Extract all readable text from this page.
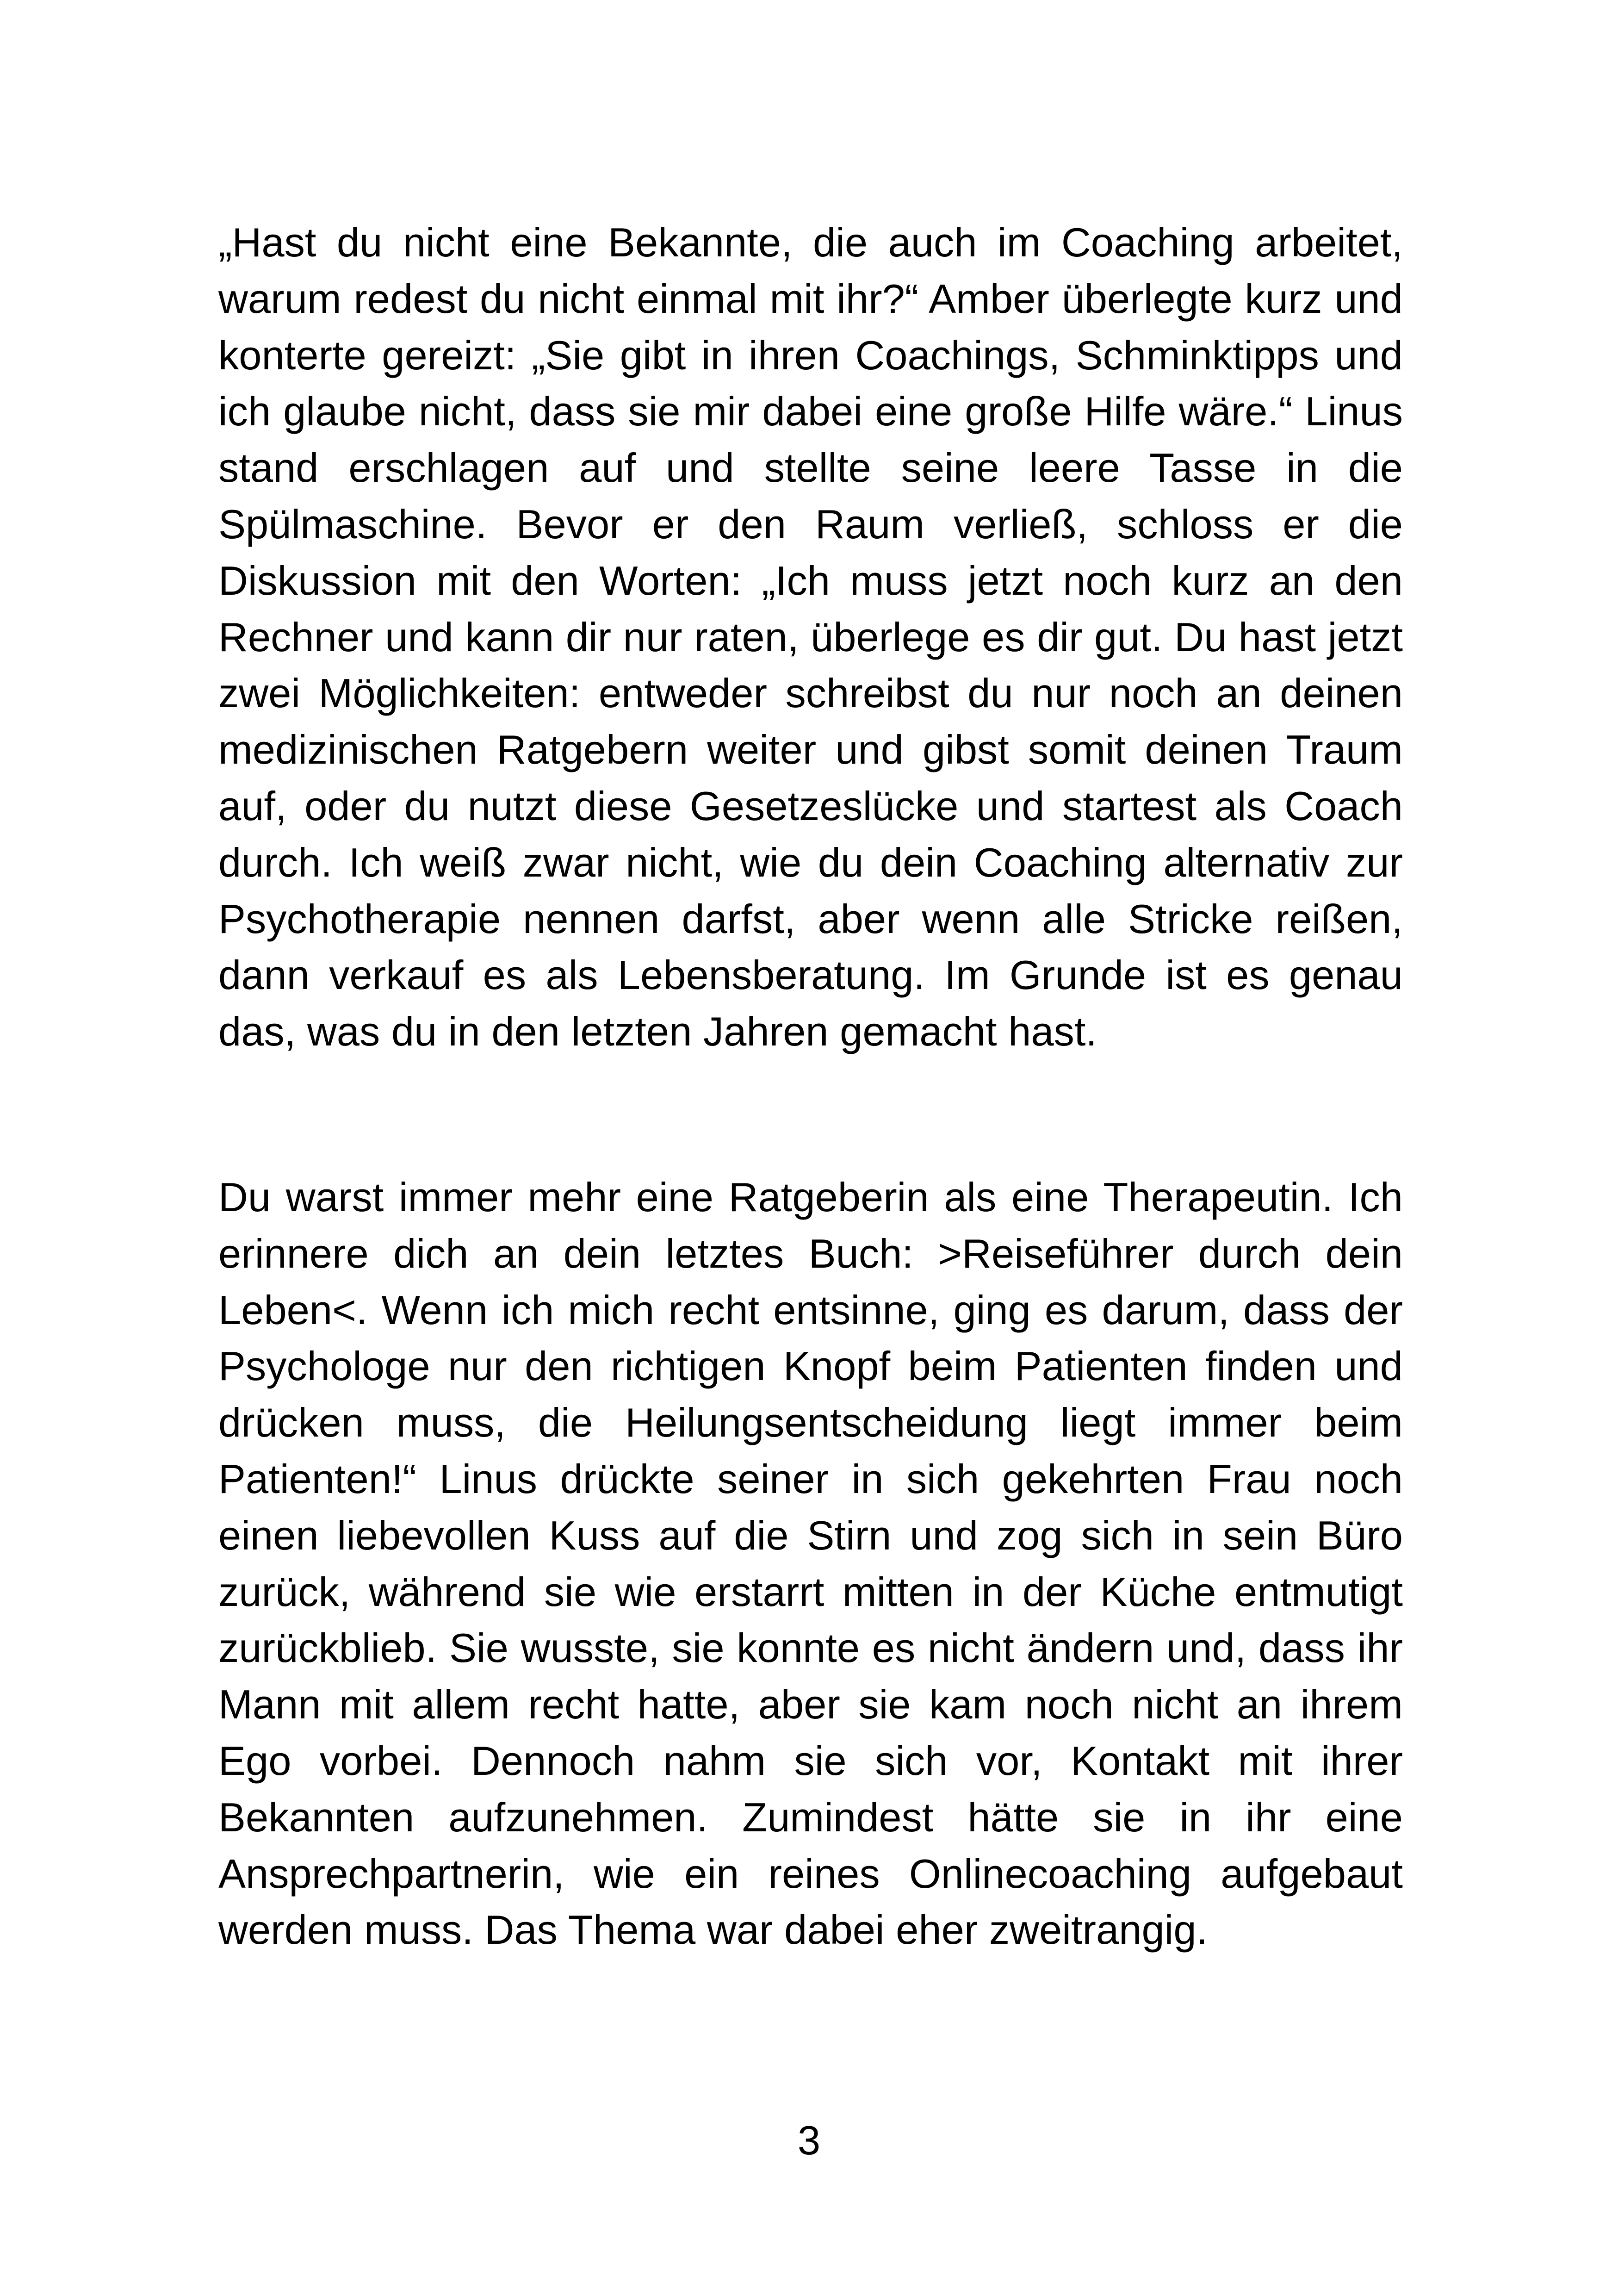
„Hast du nicht eine Bekannte, die auch im Coaching arbeitet, warum redest du nicht einmal mit ihr?“ Amber überlegte kurz und konterte gereizt: „Sie gibt in ihren Coachings, Schminktipps und ich glaube nicht, dass sie mir dabei eine große Hilfe wäre.“ Linus stand erschlagen auf und stellte seine leere Tasse in die Spülmaschine. Bevor er den Raum verließ, schloss er die Diskussion mit den Worten: „Ich muss jetzt noch kurz an den Rechner und kann dir nur raten, überlege es dir gut. Du hast jetzt zwei Möglichkeiten: entweder schreibst du nur noch an deinen medizinischen Ratgebern weiter und gibst somit deinen Traum auf, oder du nutzt diese Gesetzeslücke und startest als Coach durch. Ich weiß zwar nicht, wie du dein Coaching alternativ zur Psychotherapie nennen darfst, aber wenn alle Stricke reißen, dann verkauf es als Lebensberatung. Im Grunde ist es genau das, was du in den letzten Jahren gemacht hast.

Du warst immer mehr eine Ratgeberin als eine Therapeutin. Ich erinnere dich an dein letztes Buch: >Reiseführer durch dein Leben<. Wenn ich mich recht entsinne, ging es darum, dass der Psychologe nur den richtigen Knopf beim Patienten finden und drücken muss, die Heilungsentscheidung liegt immer beim Patienten!“ Linus drückte seiner in sich gekehrten Frau noch einen liebevollen Kuss auf die Stirn und zog sich in sein Büro zurück, während sie wie erstarrt mitten in der Küche entmutigt zurückblieb. Sie wusste, sie konnte es nicht ändern und, dass ihr Mann mit allem recht hatte, aber sie kam noch nicht an ihrem Ego vorbei. Dennoch nahm sie sich vor, Kontakt mit ihrer Bekannten aufzunehmen. Zumindest hätte sie in ihr eine Ansprechpartnerin, wie ein reines Onlinecoaching aufgebaut werden muss. Das Thema war dabei eher zweitrangig.

3
